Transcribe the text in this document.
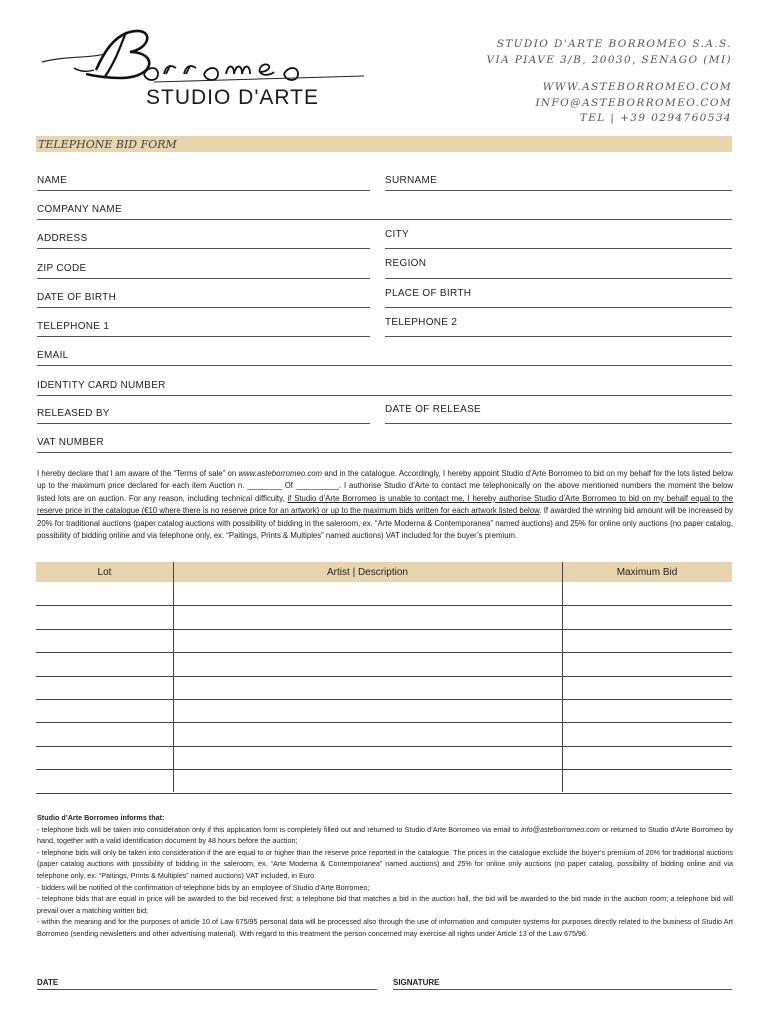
STUDIO D'ARTE
STUDIO D'ARTE BORROMEO S.A.S.
VIA PIAVE 3/B, 20030, SENAGO (MI)
WWW.ASTEBORROMEO.COM
INFO@ASTEBORROMEO.COM
TEL | +39 0294760534
TELEPHONE BID FORM
NAME	SURNAME
COMPANY NAME
ADDRESS	CITY
ZIP CODE	REGION
DATE OF BIRTH	PLACE OF BIRTH
TELEPHONE 1	TELEPHONE 2
EMAIL
IDENTITY CARD NUMBER
RELEASED BY	DATE OF RELEASE
VAT NUMBER
I hereby declare that I am aware of the “Terms of sale” on www.asteborromeo.com and in the catalogue. Accordingly, I hereby appoint Studio d’Arte Borromeo to bid on my behalf for the lots listed below up to the maximum price declared for each item Auction n. ________ Of __________. I authorise Studio d’Arte to contact me telephonically on the above mentioned numbers the moment the below listed lots are on auction. For any reason, including technical difficulty, if Studio d’Arte Borromeo is unable to contact me, I hereby authorise Studio d’Arte Borromeo to bid on my behalf equal to the reserve price in the catalogue (€10 where there is no reserve price for an artwork) or up to the maximum bids written for each artwork listed below. If awarded the winning bid amount will be increased by 20% for traditional auctions (paper catalog auctions with possibility of bidding in the saleroom, ex. “Arte Moderna & Contemporanea” named auctions) and 25% for online only auctions (no paper catalog, possibility of bidding online and via telephone only, ex. “Paitings, Prints & Multiples” named auctions) VAT included for the buyer’s premium.
Lot	Artist | Description	Maximum Bid
Studio d’Arte Borromeo informs that:
- telephone bids will be taken into consideration only if this application form is completely filled out and returned to Studio d’Arte Borromeo via email to info@asteborromeo.com or returned to Studio d’Arte Borromeo by hand, together with a valid identification document by 48 hours before the auction;
- telephone bids will only be taken into consideration if the are equal to or higher than the reserve price reported in the catalogue. The prices in the catalogue exclude the buyer’s premium of 20% for traditional auctions (paper catalog auctions with possibility of bidding in the saleroom, ex. “Arte Moderna & Contemporanea” named auctions) and 25% for online only auctions (no paper catalog, possibility of bidding online and via telephone only, ex. “Paitings, Prints & Multiples” named auctions) VAT included, in Euro.
- bidders will be notified of the confirmation of telephone bids by an employee of Studio d’Arte Borromeo;
- telephone bids that are equal in price will be awarded to the bid received first; a telephone bid that matches a bid in the auction hall, the bid will be awarded to the bid made in the auction room; a telephone bid will prevail over a matching written bid;
- within the meaning and for the purposes of article 10 of Law 675/95 personal data will be processed also through the use of information and computer systems for purposes directly related to the business of Studio Art Borromeo (sending newsletters and other advertising material). With regard to this treatment the person concerned may exercise all rights under Article 13 of the Law 675/96.
DATE	SIGNATURE
